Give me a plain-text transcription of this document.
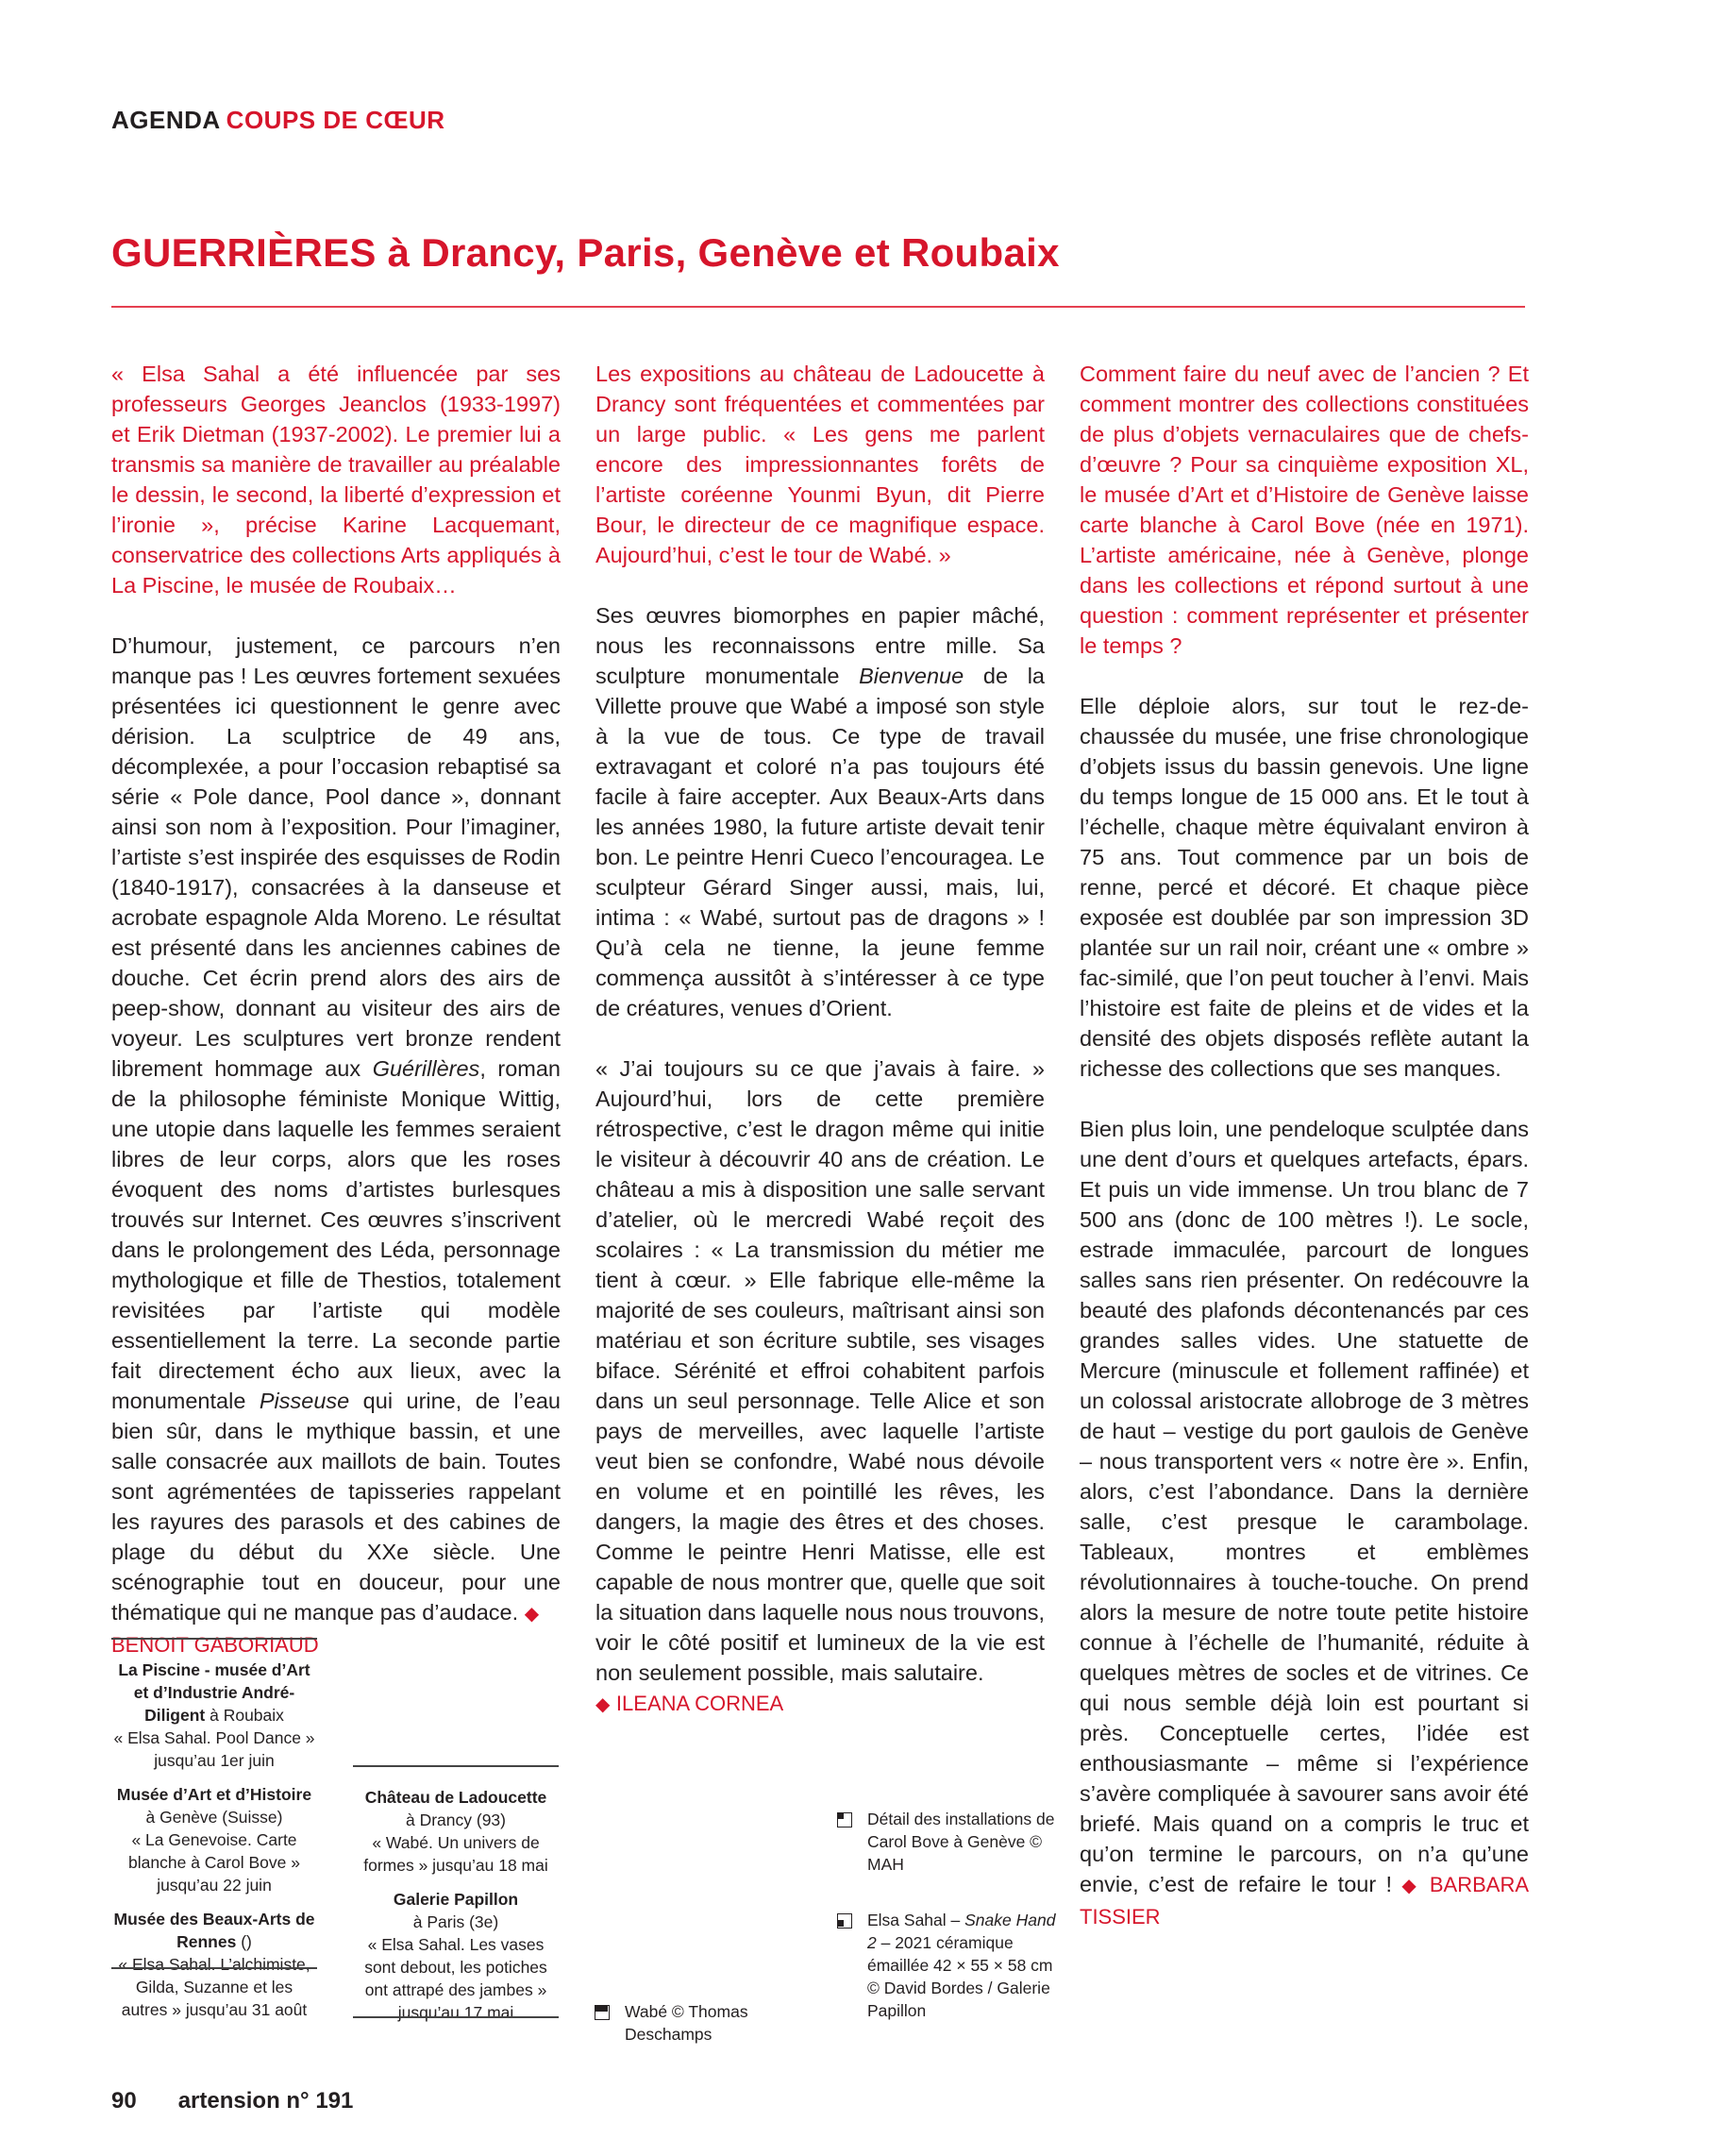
AGENDA COUPS DE CŒUR
GUERRIÈRES à Drancy, Paris, Genève et Roubaix

« Elsa Sahal a été influencée par ses professeurs Georges Jeanclos (1933-1997) et Erik Dietman (1937-2002). Le premier lui a transmis sa manière de travailler au préalable le dessin, le second, la liberté d’expression et l’ironie », précise Karine Lacquemant, conservatrice des collections Arts appliqués à La Piscine, le musée de Roubaix…

D’humour, justement, ce parcours n’en manque pas ! Les œuvres fortement sexuées présentées ici questionnent le genre avec dérision. La sculptrice de 49 ans, décomplexée, a pour l’occasion rebaptisé sa série « Pole dance, Pool dance », donnant ainsi son nom à l’exposition. Pour l’imaginer, l’artiste s’est inspirée des esquisses de Rodin (1840-1917), consacrées à la danseuse et acrobate espagnole Alda Moreno. Le résultat est présenté dans les anciennes cabines de douche. Cet écrin prend alors des airs de peep-show, donnant au visiteur des airs de voyeur. Les sculptures vert bronze rendent librement hommage aux Guérillères, roman de la philosophe féministe Monique Wittig, une utopie dans laquelle les femmes seraient libres de leur corps, alors que les roses évoquent des noms d’artistes burlesques trouvés sur Internet. Ces œuvres s’inscrivent dans le prolongement des Léda, personnage mythologique et fille de Thestios, totalement revisitées par l’artiste qui modèle essentiellement la terre. La seconde partie fait directement écho aux lieux, avec la monumentale Pisseuse qui urine, de l’eau bien sûr, dans le mythique bassin, et une salle consacrée aux maillots de bain. Toutes sont agrémentées de tapisseries rappelant les rayures des parasols et des cabines de plage du début du XXe siècle. Une scénographie tout en douceur, pour une thématique qui ne manque pas d’audace. ◆
BENOIT GABORIAUD

Les expositions au château de Ladoucette à Drancy sont fréquentées et commentées par un large public. « Les gens me parlent encore des impressionnantes forêts de l’artiste coréenne Younmi Byun, dit Pierre Bour, le directeur de ce magnifique espace. Aujourd’hui, c’est le tour de Wabé. »

Ses œuvres biomorphes en papier mâché, nous les reconnaissons entre mille. Sa sculpture monumentale Bienvenue de la Villette prouve que Wabé a imposé son style à la vue de tous. Ce type de travail extravagant et coloré n’a pas toujours été facile à faire accepter. Aux Beaux-Arts dans les années 1980, la future artiste devait tenir bon. Le peintre Henri Cueco l’encouragea. Le sculpteur Gérard Singer aussi, mais, lui, intima : « Wabé, surtout pas de dragons » ! Qu’à cela ne tienne, la jeune femme commença aussitôt à s’intéresser à ce type de créatures, venues d’Orient.

« J’ai toujours su ce que j’avais à faire. » Aujourd’hui, lors de cette première rétrospective, c’est le dragon même qui initie le visiteur à découvrir 40 ans de création. Le château a mis à disposition une salle servant d’atelier, où le mercredi Wabé reçoit des scolaires : « La transmission du métier me tient à cœur. » Elle fabrique elle-même la majorité de ses couleurs, maîtrisant ainsi son matériau et son écriture subtile, ses visages biface. Sérénité et effroi cohabitent parfois dans un seul personnage. Telle Alice et son pays de merveilles, avec laquelle l’artiste veut bien se confondre, Wabé nous dévoile en volume et en pointillé les rêves, les dangers, la magie des êtres et des choses. Comme le peintre Henri Matisse, elle est capable de nous montrer que, quelle que soit la situation dans laquelle nous nous trouvons, voir le côté positif et lumineux de la vie est non seulement possible, mais salutaire.
◆ ILEANA CORNEA

Comment faire du neuf avec de l’ancien ? Et comment montrer des collections constituées de plus d’objets vernaculaires que de chefs-d’œuvre ? Pour sa cinquième exposition XL, le musée d’Art et d’Histoire de Genève laisse carte blanche à Carol Bove (née en 1971). L’artiste américaine, née à Genève, plonge dans les collections et répond surtout à une question : comment représenter et présenter le temps ?

Elle déploie alors, sur tout le rez-de-chaussée du musée, une frise chronologique d’objets issus du bassin genevois. Une ligne du temps longue de 15 000 ans. Et le tout à l’échelle, chaque mètre équivalant environ à 75 ans. Tout commence par un bois de renne, percé et décoré. Et chaque pièce exposée est doublée par son impression 3D plantée sur un rail noir, créant une « ombre » fac-similé, que l’on peut toucher à l’envi. Mais l’histoire est faite de pleins et de vides et la densité des objets disposés reflète autant la richesse des collections que ses manques.

Bien plus loin, une pendeloque sculptée dans une dent d’ours et quelques artefacts, épars. Et puis un vide immense. Un trou blanc de 7 500 ans (donc de 100 mètres !). Le socle, estrade immaculée, parcourt de longues salles sans rien présenter. On redécouvre la beauté des plafonds décontenancés par ces grandes salles vides. Une statuette de Mercure (minuscule et follement raffinée) et un colossal aristocrate allobroge de 3 mètres de haut – vestige du port gaulois de Genève – nous transportent vers « notre ère ». Enfin, alors, c’est l’abondance. Dans la dernière salle, c’est presque le carambolage. Tableaux, montres et emblèmes révolutionnaires à touche-touche. On prend alors la mesure de notre toute petite histoire connue à l’échelle de l’humanité, réduite à quelques mètres de socles et de vitrines. Ce qui nous semble déjà loin est pourtant si près. Conceptuelle certes, l’idée est enthousiasmante – même si l’expérience s’avère compliquée à savourer sans avoir été briefé. Mais quand on a compris le truc et qu’on termine le parcours, on n’a qu’une envie, c’est de refaire le tour ! ◆ BARBARA TISSIER

La Piscine - musée d’Art et d’Industrie André-Diligent à Roubaix
« Elsa Sahal. Pool Dance » jusqu’au 1er juin
Musée d’Art et d’Histoire
à Genève (Suisse)
« La Genevoise. Carte blanche à Carol Bove » jusqu’au 22 juin
Musée des Beaux-Arts de Rennes ()
« Elsa Sahal. L’alchimiste, Gilda, Suzanne et les autres » jusqu’au 31 août
Château de Ladoucette
à Drancy (93)
« Wabé. Un univers de formes » jusqu’au 18 mai
Galerie Papillon
à Paris (3e)
« Elsa Sahal. Les vases sont debout, les potiches ont attrapé des jambes » jusqu’au 17 mai
Détail des installations de Carol Bove à Genève © MAH
Elsa Sahal – Snake Hand 2 – 2021 céramique émaillée 42 × 55 × 58 cm © David Bordes / Galerie Papillon
Wabé © Thomas Deschamps
90 artension n° 191
